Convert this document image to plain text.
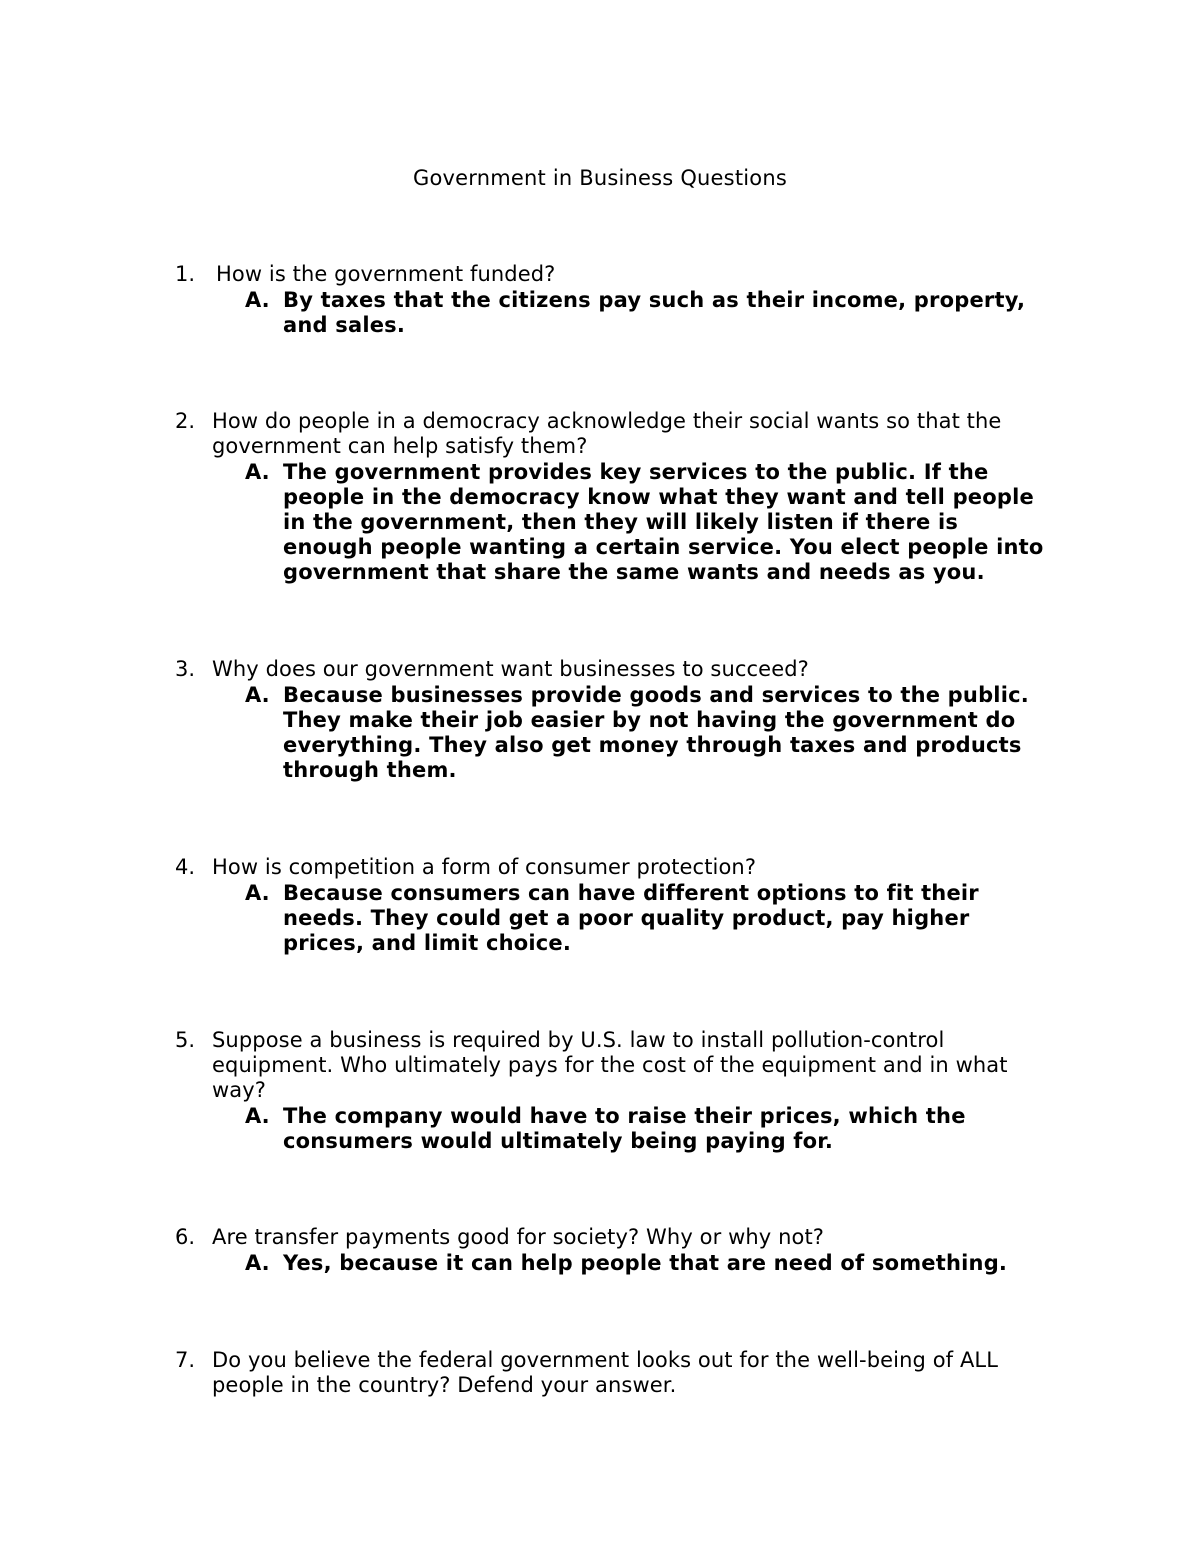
Government in Business Questions
1. How is the government funded?
A. By taxes that the citizens pay such as their income, property,
and sales.
2. How do people in a democracy acknowledge their social wants so that the
government can help satisfy them?
A. The government provides key services to the public. If the
people in the democracy know what they want and tell people
in the government, then they will likely listen if there is
enough people wanting a certain service. You elect people into
government that share the same wants and needs as you.
3. Why does our government want businesses to succeed?
A. Because businesses provide goods and services to the public.
They make their job easier by not having the government do
everything. They also get money through taxes and products
through them.
4. How is competition a form of consumer protection?
A. Because consumers can have different options to fit their
needs. They could get a poor quality product, pay higher
prices, and limit choice.
5. Suppose a business is required by U.S. law to install pollution-control
equipment. Who ultimately pays for the cost of the equipment and in what
way?
A. The company would have to raise their prices, which the
consumers would ultimately being paying for.
6. Are transfer payments good for society? Why or why not?
A. Yes, because it can help people that are need of something.
7. Do you believe the federal government looks out for the well-being of ALL
people in the country? Defend your answer.
